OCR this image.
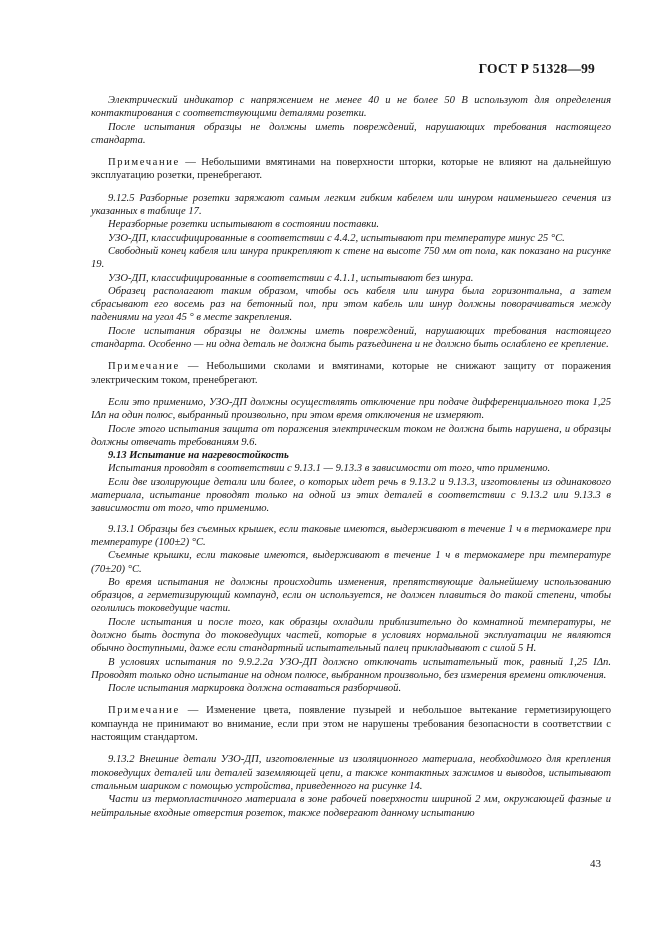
ГОСТ Р 51328—99

Электрический индикатор с напряжением не менее 40 и не более 50 В используют для определения контактирования с соответствующими деталями розетки.

После испытания образцы не должны иметь повреждений, нарушающих требования настоящего стандарта.

Примечание — Небольшими вмятинами на поверхности шторки, которые не влияют на дальнейшую эксплуатацию розетки, пренебрегают.

9.12.5 Разборные розетки заряжают самым легким гибким кабелем или шнуром наименьшего сечения из указанных в таблице 17.

Неразборные розетки испытывают в состоянии поставки.

УЗО-ДП, классифицированные в соответствии с 4.4.2, испытывают при температуре минус 25 °С.

Свободный конец кабеля или шнура прикрепляют к стене на высоте 750 мм от пола, как показано на рисунке 19.

УЗО-ДП, классифицированные в соответствии с 4.1.1, испытывают без шнура.

Образец располагают таким образом, чтобы ось кабеля или шнура была горизонтальна, а затем сбрасывают его восемь раз на бетонный пол, при этом кабель или шнур должны поворачиваться между падениями на угол 45 ° в месте закрепления.

После испытания образцы не должны иметь повреждений, нарушающих требования настоящего стандарта. Особенно — ни одна деталь не должна быть разъединена и не должно быть ослаблено ее крепление.

Примечание — Небольшими сколами и вмятинами, которые не снижают защиту от поражения электрическим током, пренебрегают.

Если это применимо, УЗО-ДП должны осуществлять отключение при подаче дифференциального тока 1,25 IΔn на один полюс, выбранный произвольно, при этом время отключения не измеряют.

После этого испытания защита от поражения электрическим током не должна быть нарушена, и образцы должны отвечать требованиям 9.6.

9.13 Испытание на нагревостойкость

Испытания проводят в соответствии с 9.13.1 — 9.13.3 в зависимости от того, что применимо.

Если две изолирующие детали или более, о которых идет речь в 9.13.2 и 9.13.3, изготовлены из одинакового материала, испытание проводят только на одной из этих деталей в соответствии с 9.13.2 или 9.13.3 в зависимости от того, что применимо.

9.13.1 Образцы без съемных крышек, если таковые имеются, выдерживают в течение 1 ч в термокамере при температуре (100±2) °С.

Съемные крышки, если таковые имеются, выдерживают в течение 1 ч в термокамере при температуре (70±20) °С.

Во время испытания не должны происходить изменения, препятствующие дальнейшему использованию образцов, а герметизирующий компаунд, если он используется, не должен плавиться до такой степени, чтобы оголились токоведущие части.

После испытания и после того, как образцы охладили приблизительно до комнатной температуры, не должно быть доступа до токоведущих частей, которые в условиях нормальной эксплуатации не являются обычно доступными, даже если стандартный испытательный палец прикладывают с силой 5 Н.

В условиях испытания по 9.9.2.2а УЗО-ДП должно отключать испытательный ток, равный 1,25 IΔn. Проводят только одно испытание на одном полюсе, выбранном произвольно, без измерения времени отключения.

После испытания маркировка должна оставаться разборчивой.

Примечание — Изменение цвета, появление пузырей и небольшое вытекание герметизирующего компаунда не принимают во внимание, если при этом не нарушены требования безопасности в соответствии с настоящим стандартом.

9.13.2 Внешние детали УЗО-ДП, изготовленные из изоляционного материала, необходимого для крепления токоведущих деталей или деталей заземляющей цепи, а также контактных зажимов и выводов, испытывают стальным шариком с помощью устройства, приведенного на рисунке 14.

Части из термопластичного материала в зоне рабочей поверхности шириной 2 мм, окружающей фазные и нейтральные входные отверстия розеток, также подвергают данному испытанию

43
